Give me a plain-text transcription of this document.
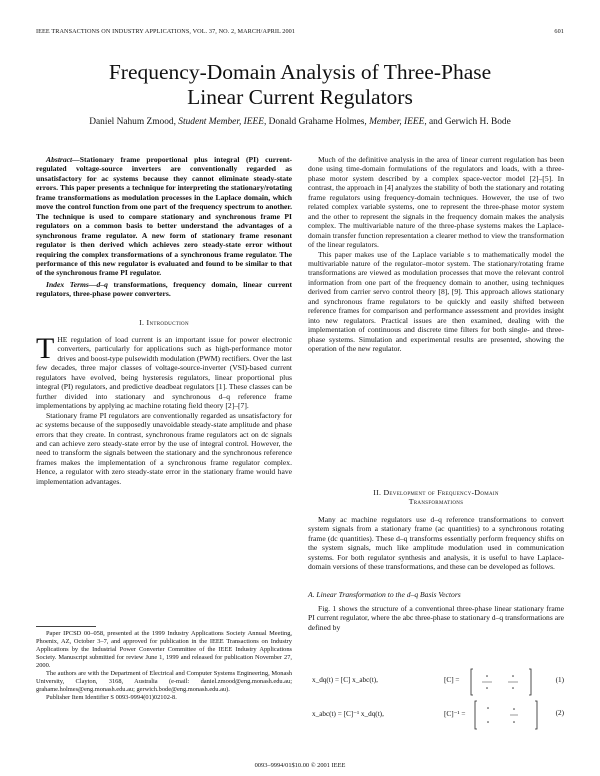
IEEE TRANSACTIONS ON INDUSTRY APPLICATIONS, VOL. 37, NO. 2, MARCH/APRIL 2001	601
Frequency-Domain Analysis of Three-Phase
Linear Current Regulators
Daniel Nahum Zmood, Student Member, IEEE, Donald Grahame Holmes, Member, IEEE, and Gerwich H. Bode
Abstract—Stationary frame proportional plus integral (PI) current-regulated voltage-source inverters are conventionally regarded as unsatisfactory for ac systems because they cannot eliminate steady-state errors. This paper presents a technique for interpreting the stationary/rotating frame transformations as modulation processes in the Laplace domain, which move the control function from one part of the frequency spectrum to another. The technique is used to compare stationary and synchronous frame PI regulators on a common basis to better understand the advantages of a synchronous frame regulator. A new form of stationary frame resonant regulator is then derived which achieves zero steady-state error without requiring the complex transformations of a synchronous frame regulator. The performance of this new regulator is evaluated and found to be similar to that of the synchronous frame PI regulator.
Index Terms—d–q transformations, frequency domain, linear current regulators, three-phase power converters.
I. Introduction

THE regulation of load current is an important issue for power electronic converters, particularly for applications such as high-performance motor drives and boost-type pulsewidth modulation (PWM) rectifiers. Over the last few decades, three major classes of voltage-source-inverter (VSI)-based current regulators have evolved, being hysteresis regulators, linear proportional plus integral (PI) regulators, and predictive deadbeat regulators [1]. These classes can be further divided into stationary and synchronous d–q reference frame implementations by applying ac machine rotating field theory [2]–[7].

Stationary frame PI regulators are conventionally regarded as unsatisfactory for ac systems because of the supposedly unavoidable steady-state amplitude and phase errors that they create. In contrast, synchronous frame regulators act on dc signals and can achieve zero steady-state error by the use of integral control. However, the need to transform the signals between the stationary and the synchronous reference frames makes the implementation of a synchronous frame regulator complex. Hence, a regulator with zero steady-state error in the stationary frame would have implementation advantages.

Paper IPCSD 00–058, presented at the 1999 Industry Applications Society Annual Meeting, Phoenix, AZ, October 3–7, and approved for publication in the IEEE Transactions on Industry Applications by the Industrial Power Converter Committee of the IEEE Industry Applications Society. Manuscript submitted for review June 1, 1999 and released for publication November 27, 2000.

The authors are with the Department of Electrical and Computer Systems Engineering, Monash University, Clayton, 3168, Australia (e-mail: daniel.zmood@eng.monash.edu.au; grahame.holmes@eng.monash.edu.au; gerwich.bode@eng.monash.edu.au).

Publisher Item Identifier S 0093-9994(01)02102-8.

Much of the definitive analysis in the area of linear current regulation has been done using time-domain formulations of the regulators and loads, with a three-phase motor system described by a complex space-vector model [2]–[5]. In contrast, the approach in [4] analyzes the stability of both the stationary and rotating frame regulators using frequency-domain techniques. However, the use of two related complex variable systems, one to represent the three-phase motor system and the other to represent the signals in the frequency domain makes the analysis complex. The multivariable nature of the three-phase systems makes the Laplace-domain transfer function representation a clearer method to view the transformation of the linear regulators.

This paper makes use of the Laplace variable s to mathematically model the multivariable nature of the regulator–motor system. The stationary/rotating frame transformations are viewed as modulation processes that move the relevant control information from one part of the frequency domain to another, using techniques derived from carrier servo control theory [8], [9]. This approach allows stationary and synchronous frame regulators to be quickly and easily shifted between reference frames for comparison and performance assessment and provides insight into new regulators. Practical issues are then examined, dealing with the implementation of continuous and discrete time filters for both single- and three-phase systems. Simulation and experimental results are presented, showing the operation of the new regulator.

II. Development of Frequency-Domain
Transformations

Many ac machine regulators use d–q reference transformations to convert system signals from a stationary frame (ac quantities) to a synchronous rotating frame (dc quantities). These d–q transforms essentially perform frequency shifts on the system signals, much like amplitude modulation used in communication systems. For both regulator synthesis and analysis, it is useful to have Laplace-domain versions of these transformations, and these can be developed as follows.

A. Linear Transformation to the d–q Basis Vectors

Fig. 1 shows the structure of a conventional three-phase linear stationary frame PI current regulator, where the abc three-phase to stationary d–q transformations are defined by

x_dq(t) = [C] x_abc(t),	[C] =	(1)
x_abc(t) = [C]⁻¹ x_dq(t),	[C]⁻¹ =	(2)
0093–9994/01$10.00 © 2001 IEEE
